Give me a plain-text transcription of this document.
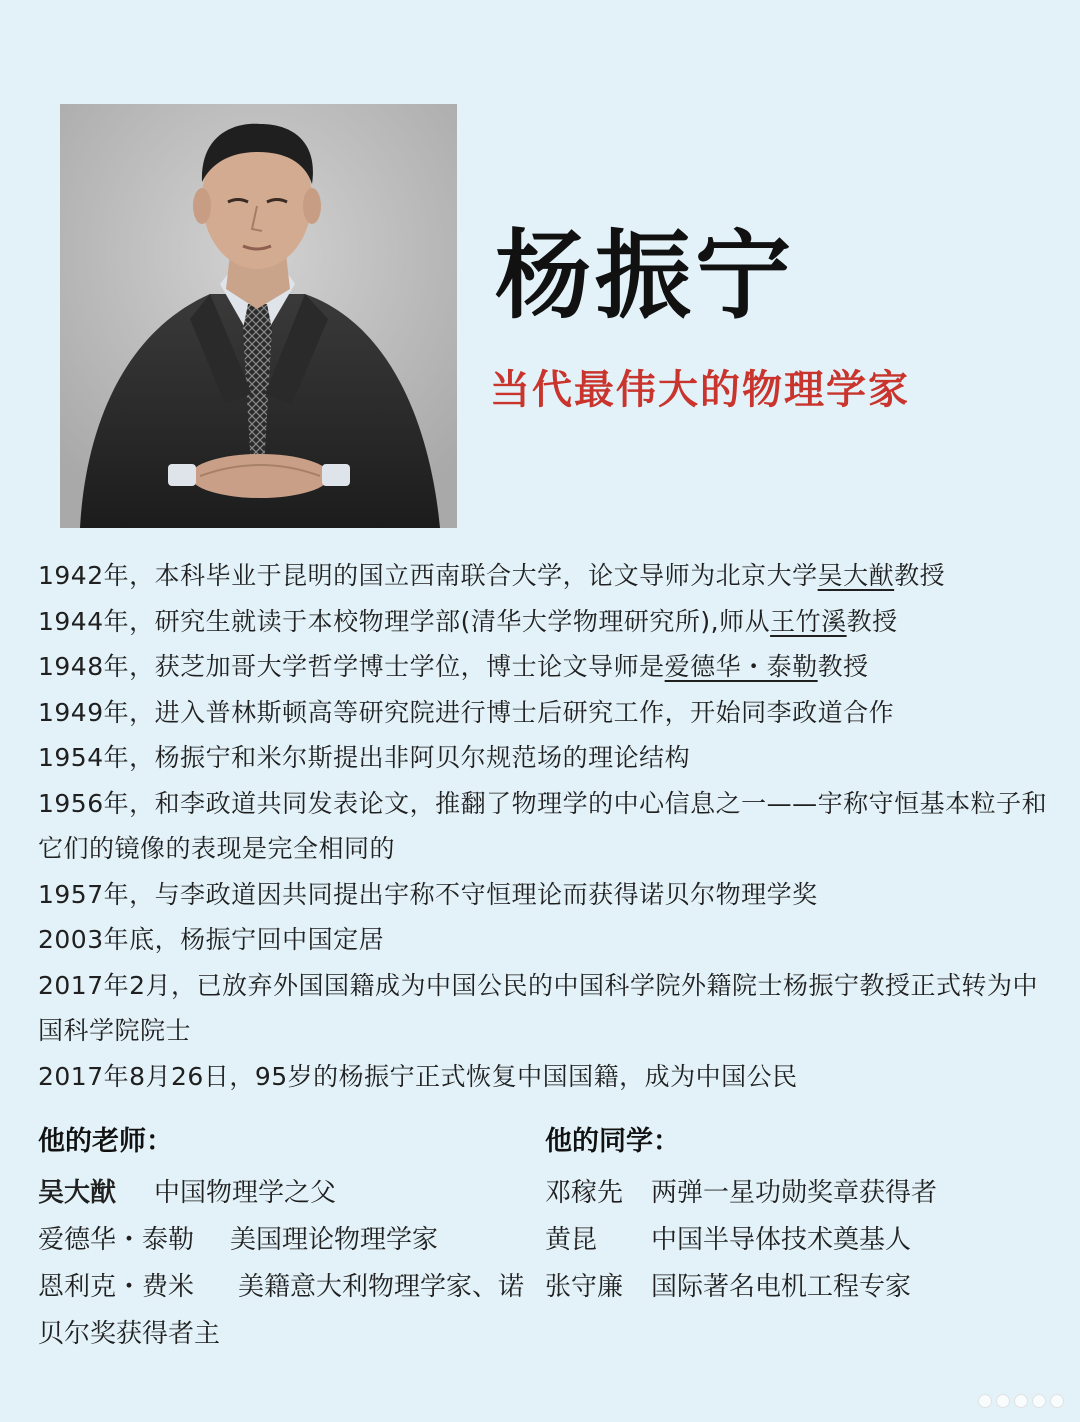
杨振宁
当代最伟大的物理学家
1942年，本科毕业于昆明的国立西南联合大学，论文导师为北京大学吴大猷教授
1944年，研究生就读于本校物理学部(清华大学物理研究所),师从王竹溪教授
1948年，获芝加哥大学哲学博士学位，博士论文导师是爱德华・泰勒教授
1949年，进入普林斯顿高等研究院进行博士后研究工作，开始同李政道合作
1954年，杨振宁和米尔斯提出非阿贝尔规范场的理论结构
1956年，和李政道共同发表论文，推翻了物理学的中心信息之一——宇称守恒基本粒子和它们的镜像的表现是完全相同的
1957年，与李政道因共同提出宇称不守恒理论而获得诺贝尔物理学奖
2003年底，杨振宁回中国定居
2017年2月，已放弃外国国籍成为中国公民的中国科学院外籍院士杨振宁教授正式转为中国科学院院士
2017年8月26日，95岁的杨振宁正式恢复中国国籍，成为中国公民
他的老师：
吴大猷 中国物理学之父
爱德华・泰勒 美国理论物理学家
恩利克・费米 美籍意大利物理学家、诺贝尔奖获得者主
他的同学：
邓稼先 两弹一星功勋奖章获得者
黄昆 中国半导体技术奠基人
张守廉 国际著名电机工程专家
